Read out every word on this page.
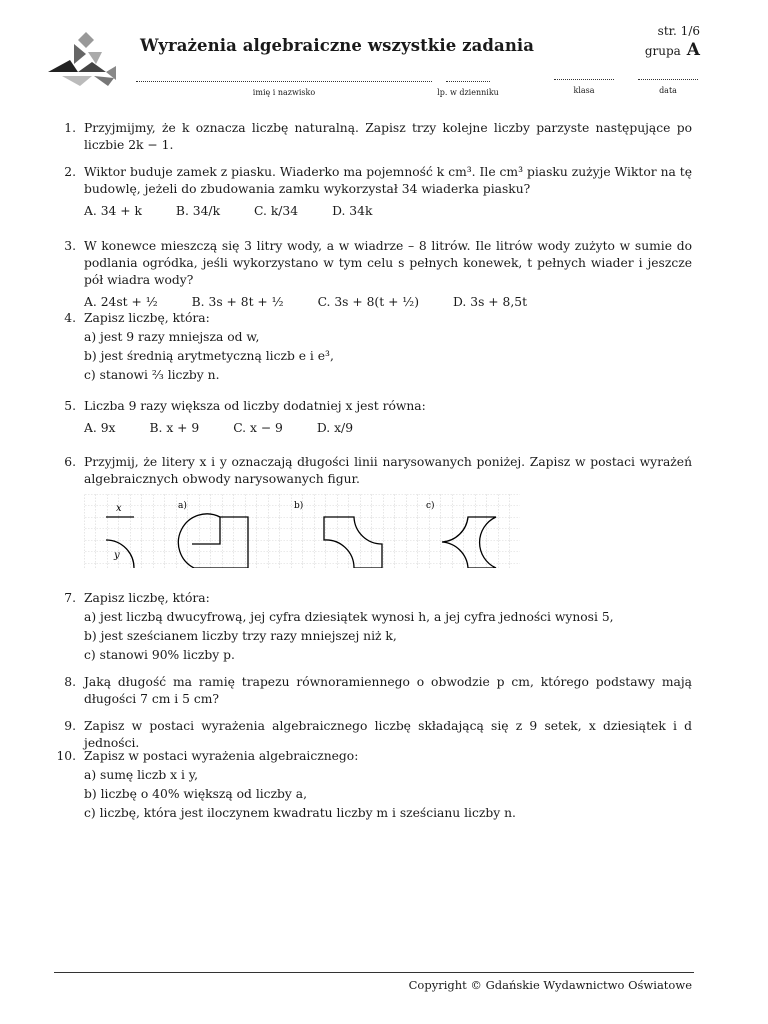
Wyrażenia algebraiczne wszystkie zadania
str. 1/6
grupa A
imię i nazwisko	lp. w dzienniku	klasa	data
1. Przyjmijmy, że k oznacza liczbę naturalną. Zapisz trzy kolejne liczby parzyste następujące po liczbie 2k − 1.
2. Wiktor buduje zamek z piasku. Wiaderko ma pojemność k cm³. Ile cm³ piasku zużyje Wiktor na tę budowlę, jeżeli do zbudowania zamku wykorzystał 34 wiaderka piasku?
A. 34 + k	B. 34/k	C. k/34	D. 34k
3. W konewce mieszczą się 3 litry wody, a w wiadrze – 8 litrów. Ile litrów wody zużyto w sumie do podlania ogródka, jeśli wykorzystano w tym celu s pełnych konewek, t pełnych wiader i jeszcze pół wiadra wody?
A. 24st + ½	B. 3s + 8t + ½	C. 3s + 8(t + ½)	D. 3s + 8,5t
4. Zapisz liczbę, która:
a) jest 9 razy mniejsza od w,
b) jest średnią arytmetyczną liczb e i e³,
c) stanowi ⅔ liczby n.
5. Liczba 9 razy większa od liczby dodatniej x jest równa:
A. 9x	B. x + 9	C. x − 9	D. x/9
6. Przyjmij, że litery x i y oznaczają długości linii narysowanych poniżej. Zapisz w postaci wyrażeń algebraicznych obwody narysowanych figur.
x
y
a)	b)	c)
7. Zapisz liczbę, która:
a) jest liczbą dwucyfrową, jej cyfra dziesiątek wynosi h, a jej cyfra jedności wynosi 5,
b) jest sześcianem liczby trzy razy mniejszej niż k,
c) stanowi 90% liczby p.
8. Jaką długość ma ramię trapezu równoramiennego o obwodzie p cm, którego podstawy mają długości 7 cm i 5 cm?
9. Zapisz w postaci wyrażenia algebraicznego liczbę składającą się z 9 setek, x dziesiątek i d jedności.
10. Zapisz w postaci wyrażenia algebraicznego:
a) sumę liczb x i y,
b) liczbę o 40% większą od liczby a,
c) liczbę, która jest iloczynem kwadratu liczby m i sześcianu liczby n.
Copyright © Gdańskie Wydawnictwo Oświatowe
